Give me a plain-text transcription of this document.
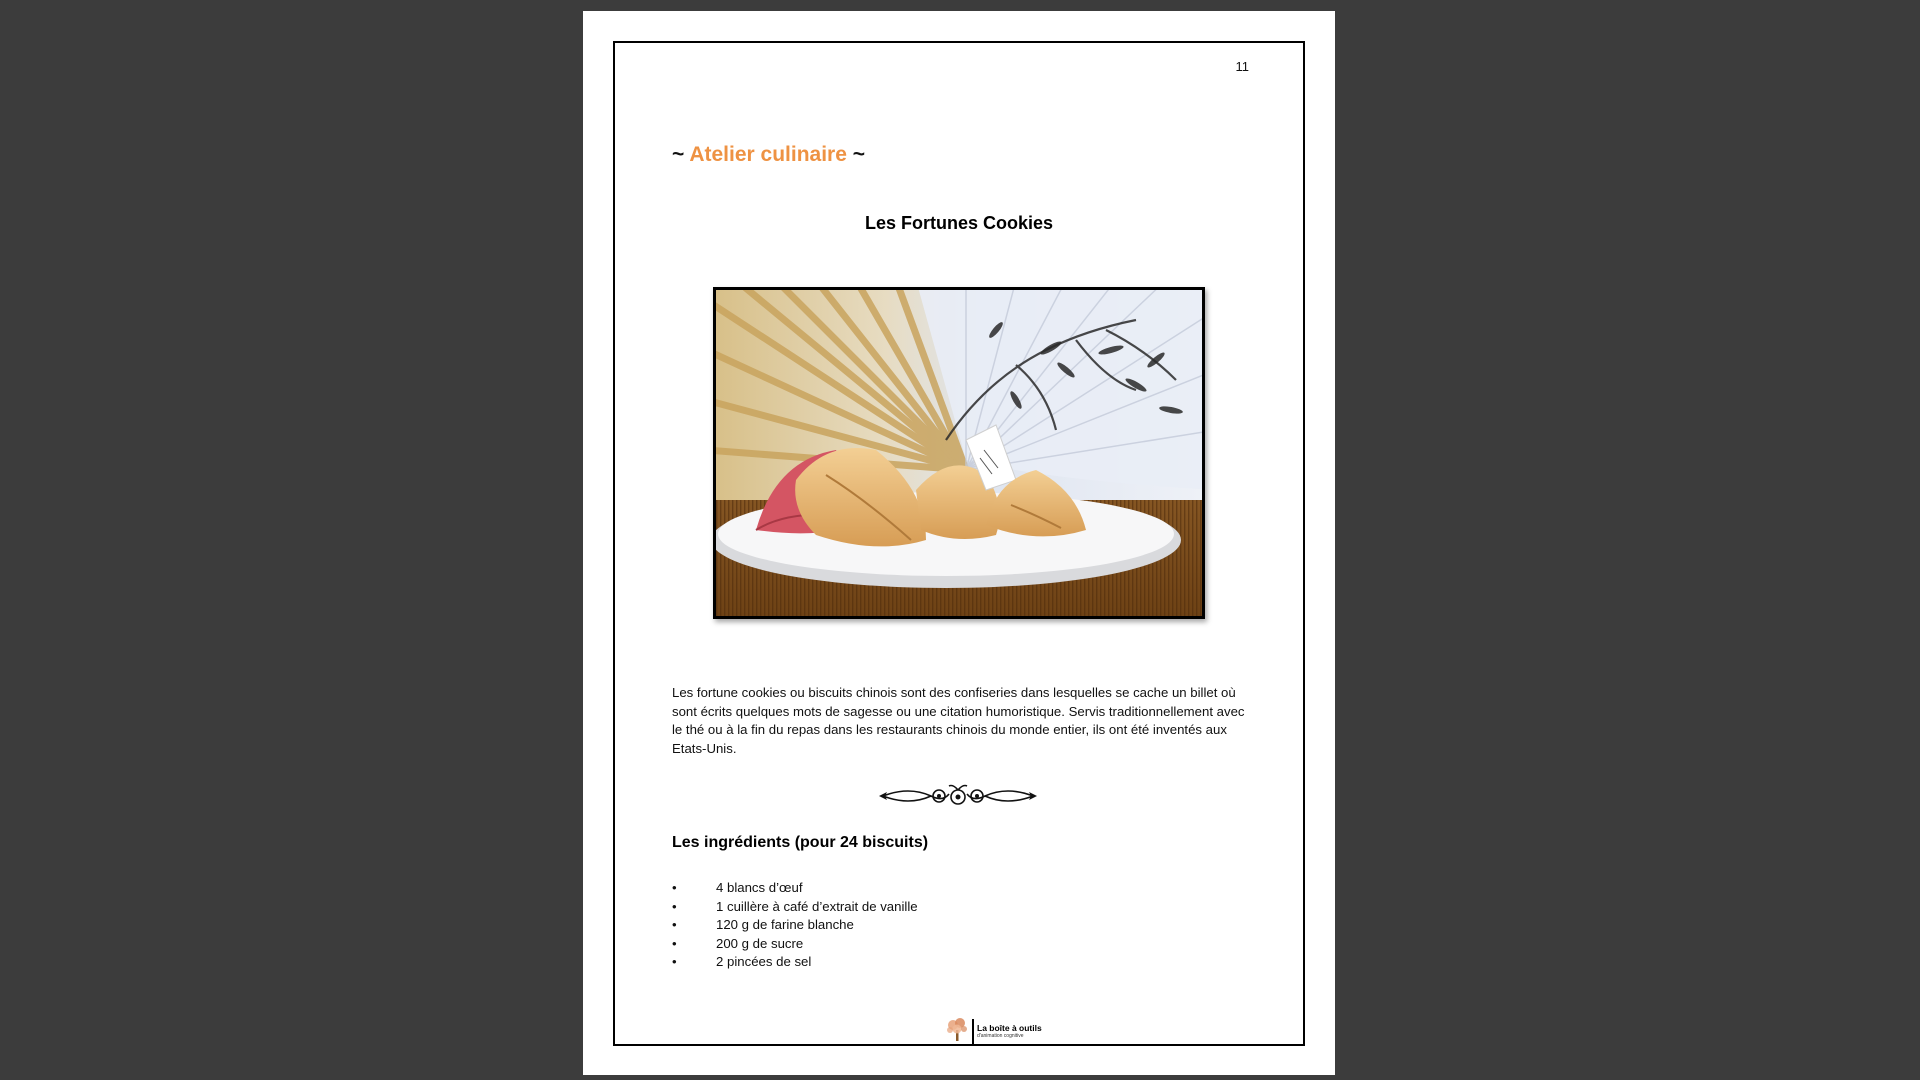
11
~ Atelier culinaire ~
Les Fortunes Cookies
Les fortune cookies ou biscuits chinois sont des confiseries dans lesquelles se cache un billet où sont écrits quelques mots de sagesse ou une citation humoristique. Servis traditionnellement avec le thé ou à la fin du repas dans les restaurants chinois du monde entier, ils ont été inventés aux Etats-Unis.
Les ingrédients (pour 24 biscuits)
•	4 blancs d’œuf
•	1 cuillère à café d’extrait de vanille
•	120 g de farine blanche
•	200 g de sucre
•	2 pincées de sel
La boîte à outils
d'animation cognitive
